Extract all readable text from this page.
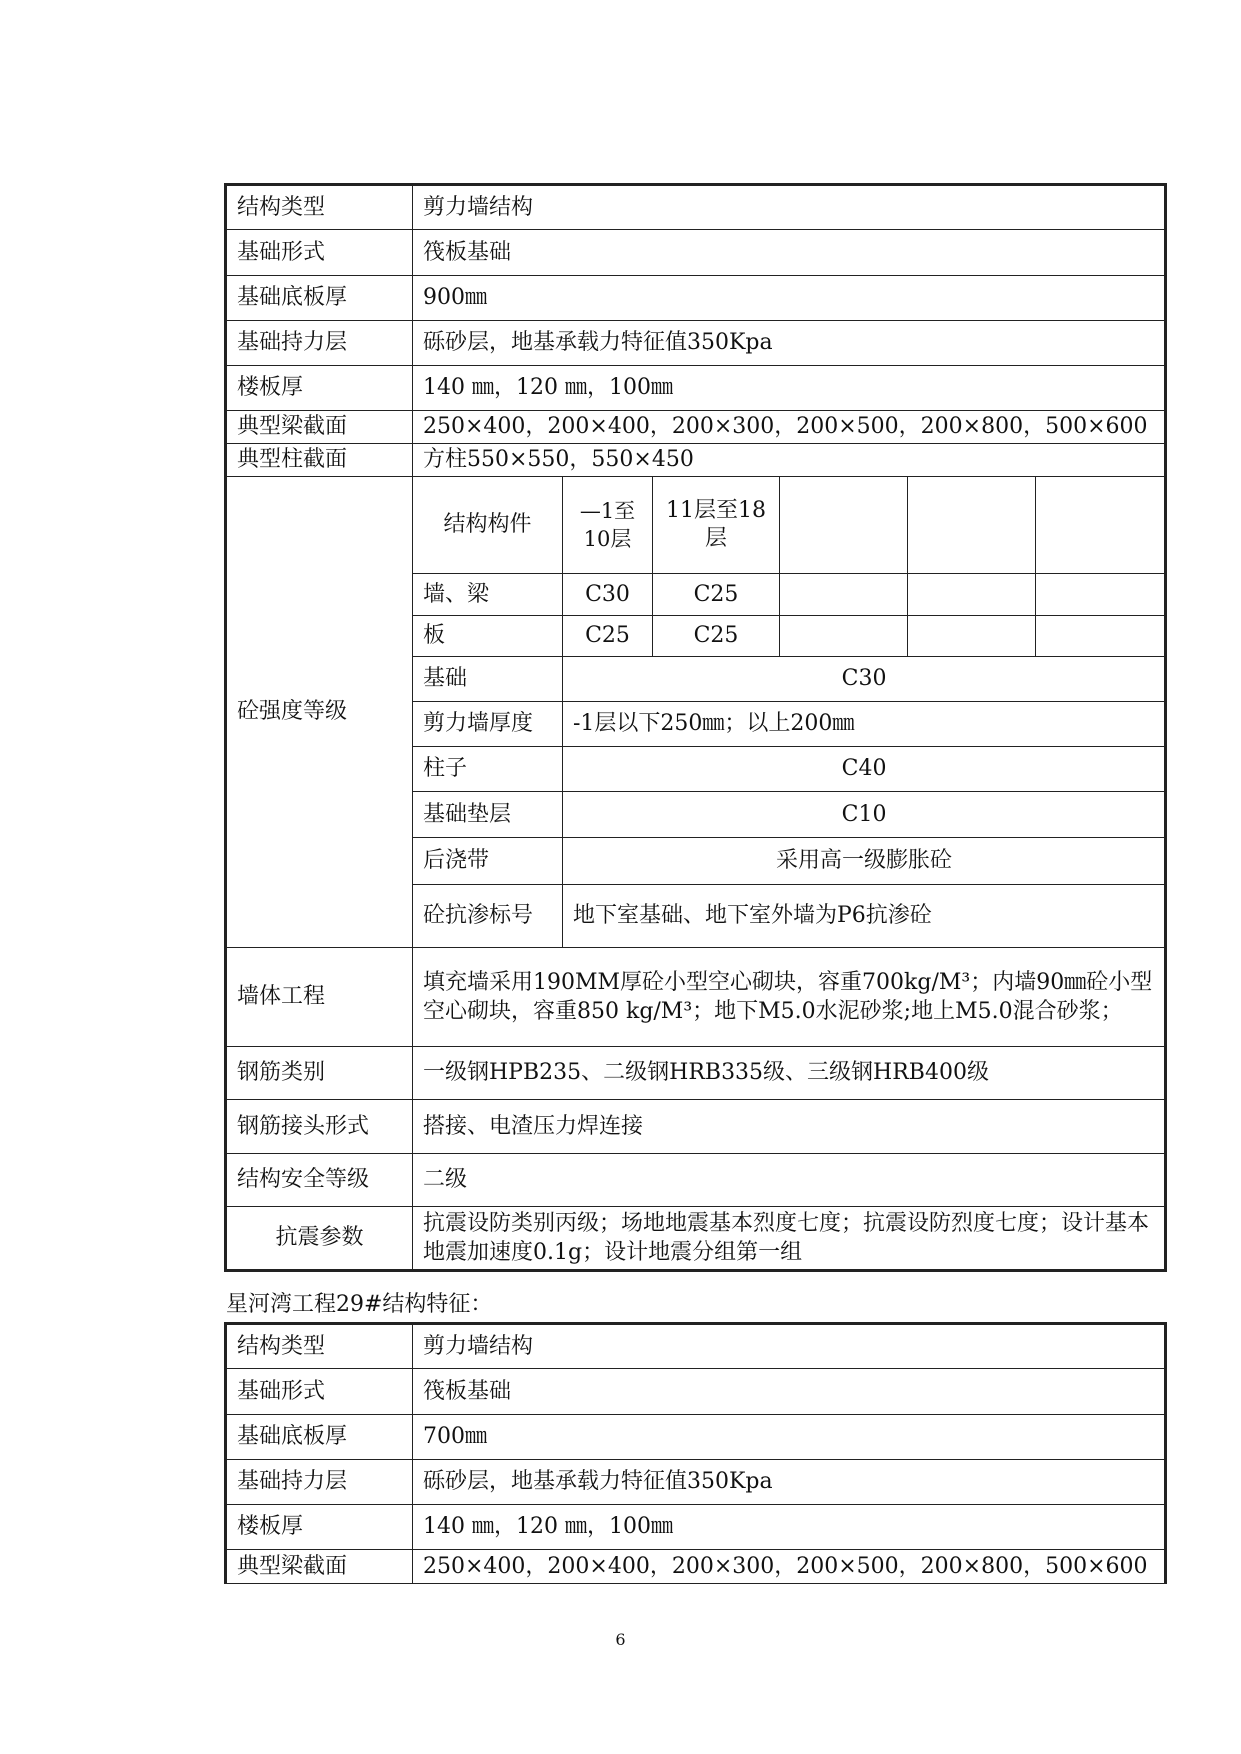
结构类型	剪力墙结构					
基础形式	筏板基础					
基础底板厚	900㎜					
基础持力层	砾砂层，地基承载力特征值350Kpa					
楼板厚	140 ㎜，120 ㎜，100㎜					
典型梁截面	250×400，200×400，200×300，200×500，200×800，500×600					
典型柱截面	方柱550×550，550×450					
砼强度等级	结构构件	—1至10层	11层至18层			
	墙、梁	C30	C25			
	板	C25	C25			
	基础	C30				
	剪力墙厚度	-1层以下250㎜；以上200㎜				
	柱子	C40				
	基础垫层	C10				
	后浇带	采用高一级膨胀砼				
	砼抗渗标号	地下室基础、地下室外墙为P6抗渗砼				
墙体工程	填充墙采用190MM厚砼小型空心砌块，容重700kg/M³；内墙90㎜砼小型空心砌块，容重850 kg/M³；地下M5.0水泥砂浆;地上M5.0混合砂浆；					
钢筋类别	一级钢HPB235、二级钢HRB335级、三级钢HRB400级					
钢筋接头形式	搭接、电渣压力焊连接					
结构安全等级	二级					
抗震参数	抗震设防类别丙级；场地地震基本烈度七度；抗震设防烈度七度；设计基本地震加速度0.1g；设计地震分组第一组					
星河湾工程29#结构特征：
结构类型	剪力墙结构
基础形式	筏板基础
基础底板厚	700㎜
基础持力层	砾砂层，地基承载力特征值350Kpa
楼板厚	140 ㎜，120 ㎜，100㎜
典型梁截面	250×400，200×400，200×300，200×500，200×800，500×600
6
